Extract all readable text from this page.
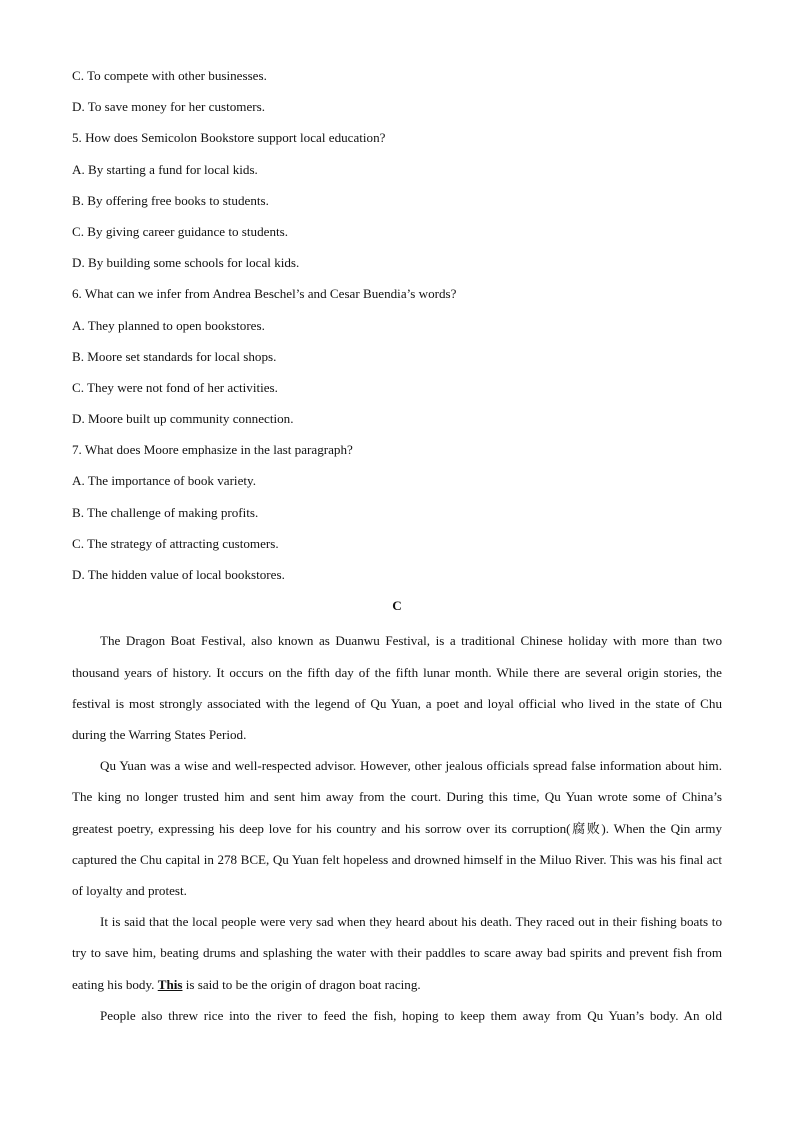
C. To compete with other businesses.
D. To save money for her customers.
5. How does Semicolon Bookstore support local education?
A. By starting a fund for local kids.
B. By offering free books to students.
C. By giving career guidance to students.
D. By building some schools for local kids.
6. What can we infer from Andrea Beschel’s and Cesar Buendia’s words?
A. They planned to open bookstores.
B. Moore set standards for local shops.
C. They were not fond of her activities.
D. Moore built up community connection.
7. What does Moore emphasize in the last paragraph?
A. The importance of book variety.
B. The challenge of making profits.
C. The strategy of attracting customers.
D. The hidden value of local bookstores.
C

The Dragon Boat Festival, also known as Duanwu Festival, is a traditional Chinese holiday with more than two thousand years of history. It occurs on the fifth day of the fifth lunar month. While there are several origin stories, the festival is most strongly associated with the legend of Qu Yuan, a poet and loyal official who lived in the state of Chu during the Warring States Period.

Qu Yuan was a wise and well-respected advisor. However, other jealous officials spread false information about him. The king no longer trusted him and sent him away from the court. During this time, Qu Yuan wrote some of China’s greatest poetry, expressing his deep love for his country and his sorrow over its corruption(腐败). When the Qin army captured the Chu capital in 278 BCE, Qu Yuan felt hopeless and drowned himself in the Miluo River. This was his final act of loyalty and protest.

It is said that the local people were very sad when they heard about his death. They raced out in their fishing boats to try to save him, beating drums and splashing the water with their paddles to scare away bad spirits and prevent fish from eating his body. This is said to be the origin of dragon boat racing.

People also threw rice into the river to feed the fish, hoping to keep them away from Qu Yuan’s body. An old
